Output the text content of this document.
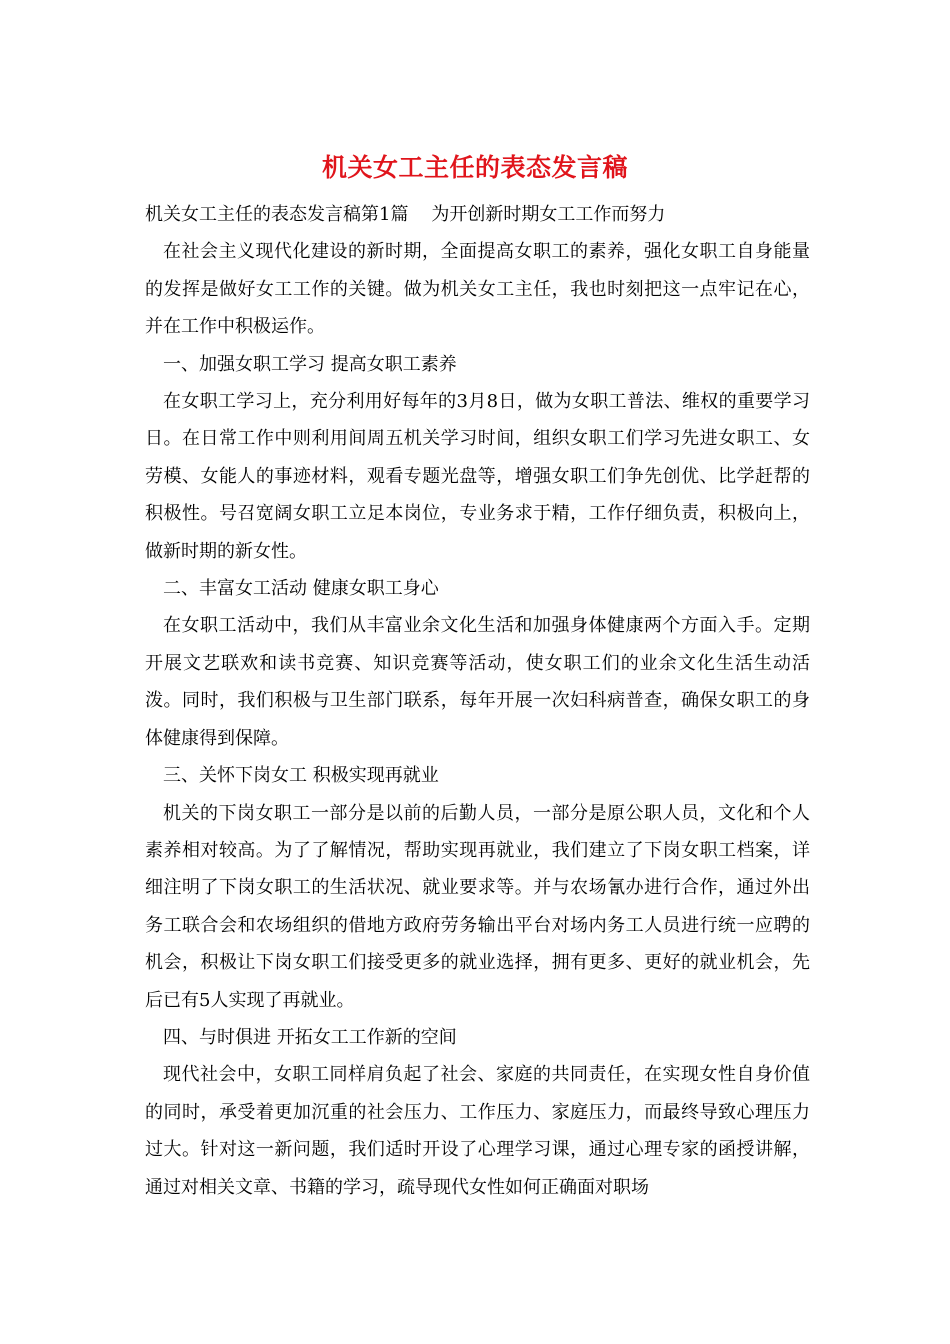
机关女工主任的表态发言稿

机关女工主任的表态发言稿第1篇    为开创新时期女工工作而努力

在社会主义现代化建设的新时期，全面提高女职工的素养，强化女职工自身能量的发挥是做好女工工作的关键。做为机关女工主任，我也时刻把这一点牢记在心，并在工作中积极运作。

一、加强女职工学习 提高女职工素养

在女职工学习上，充分利用好每年的3月8日，做为女职工普法、维权的重要学习日。在日常工作中则利用间周五机关学习时间，组织女职工们学习先进女职工、女劳模、女能人的事迹材料，观看专题光盘等，增强女职工们争先创优、比学赶帮的积极性。号召宽阔女职工立足本岗位，专业务求于精，工作仔细负责，积极向上，做新时期的新女性。

二、丰富女工活动 健康女职工身心

在女职工活动中，我们从丰富业余文化生活和加强身体健康两个方面入手。定期开展文艺联欢和读书竞赛、知识竞赛等活动，使女职工们的业余文化生活生动活泼。同时，我们积极与卫生部门联系，每年开展一次妇科病普查，确保女职工的身体健康得到保障。

三、关怀下岗女工 积极实现再就业

机关的下岗女职工一部分是以前的后勤人员，一部分是原公职人员，文化和个人素养相对较高。为了了解情况，帮助实现再就业，我们建立了下岗女职工档案，详细注明了下岗女职工的生活状况、就业要求等。并与农场氰办进行合作，通过外出务工联合会和农场组织的借地方政府劳务输出平台对场内务工人员进行统一应聘的机会，积极让下岗女职工们接受更多的就业选择，拥有更多、更好的就业机会，先后已有5人实现了再就业。

四、与时俱进 开拓女工工作新的空间

现代社会中，女职工同样肩负起了社会、家庭的共同责任，在实现女性自身价值的同时，承受着更加沉重的社会压力、工作压力、家庭压力，而最终导致心理压力过大。针对这一新问题，我们适时开设了心理学习课，通过心理专家的函授讲解，通过对相关文章、书籍的学习，疏导现代女性如何正确面对职场
